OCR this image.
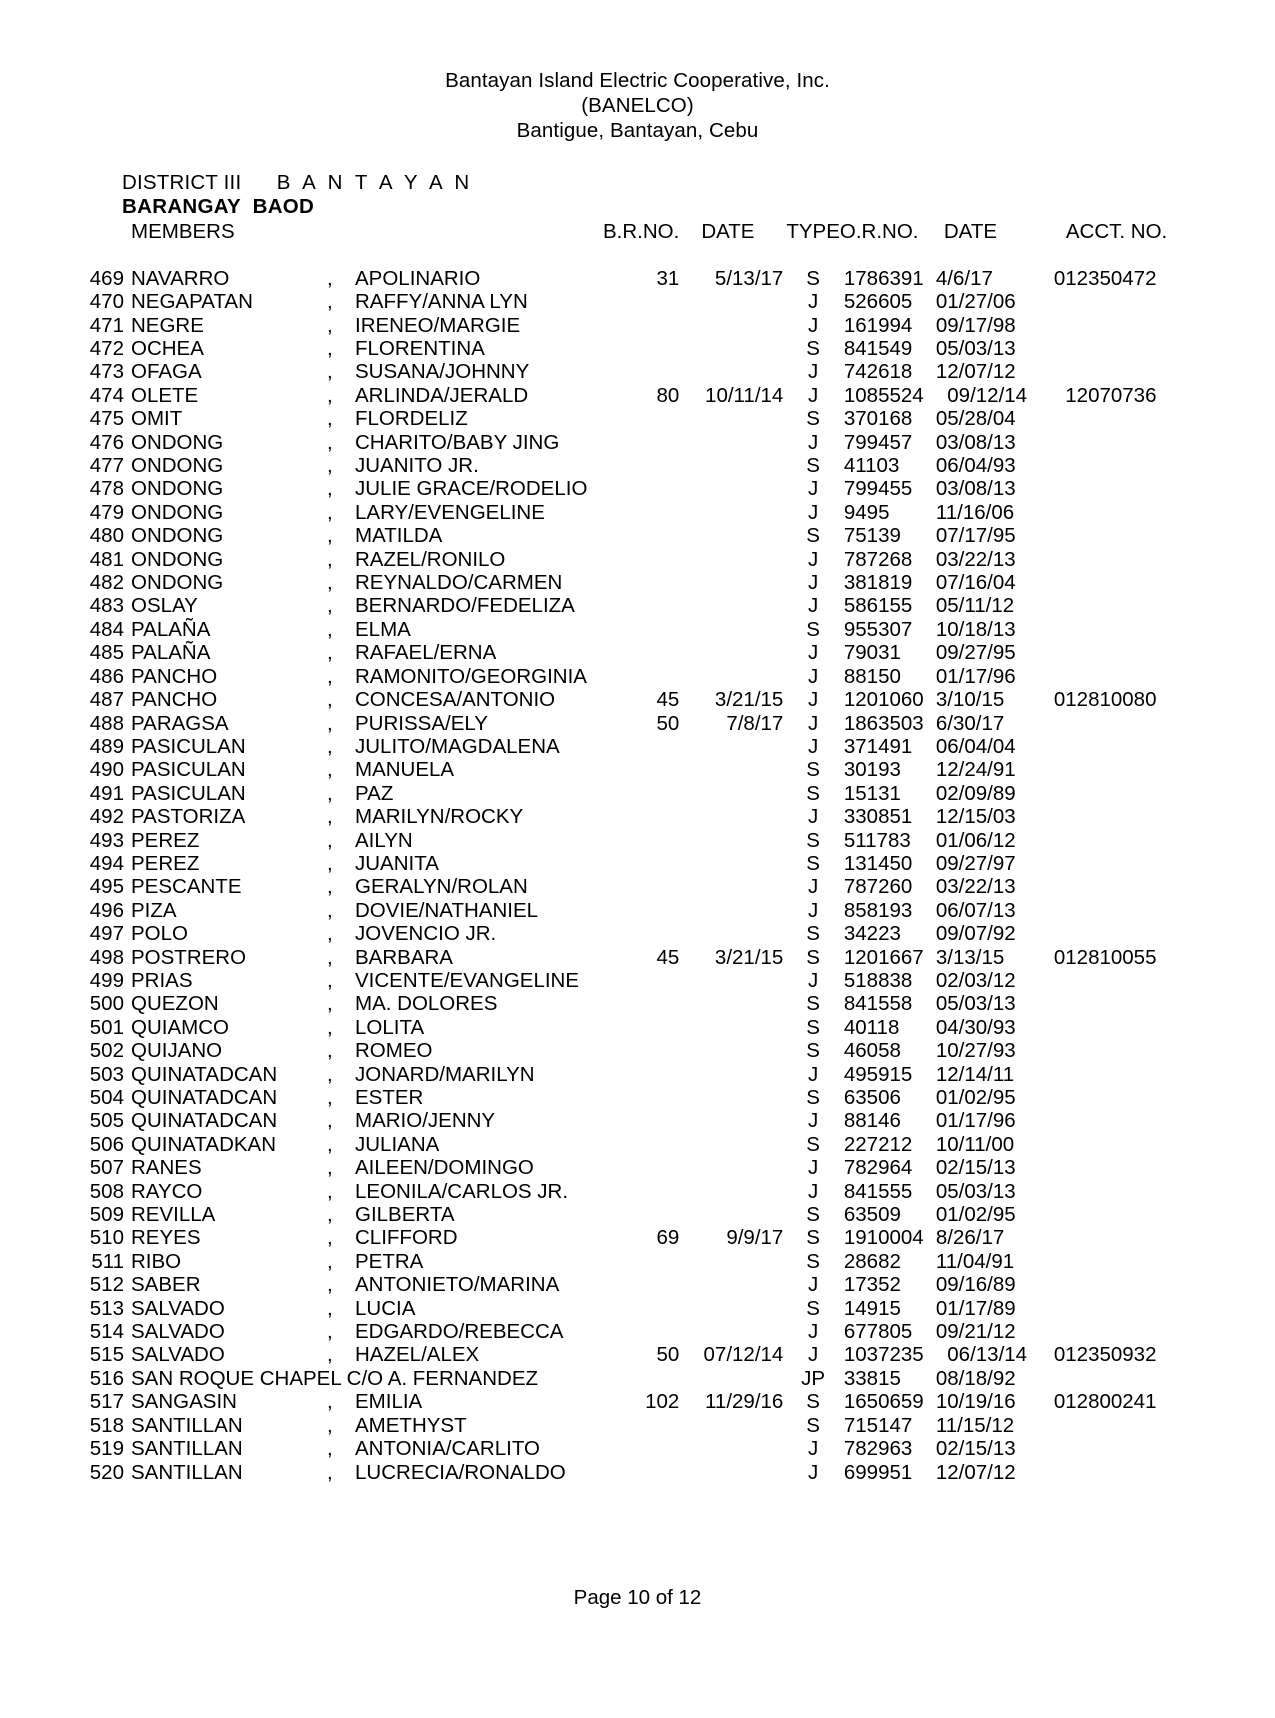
Bantayan Island Electric Cooperative, Inc.
(BANELCO)
Bantigue, Bantayan, Cebu
DISTRICT III B A N T A Y A N
BARANGAY  BAOD
	MEMBERS			B.R.NO.	DATE	TYPE	O.R.NO.	DATE	ACCT. NO.

469	NAVARRO	,	APOLINARIO	31	5/13/17	S	1786391	4/6/17	012350472
470	NEGAPATAN	,	RAFFY/ANNA LYN			J	526605	01/27/06	
471	NEGRE	,	IRENEO/MARGIE			J	161994	09/17/98	
472	OCHEA	,	FLORENTINA			S	841549	05/03/13	
473	OFAGA	,	SUSANA/JOHNNY			J	742618	12/07/12	
474	OLETE	,	ARLINDA/JERALD	80	10/11/14	J	1085524	09/12/14	12070736
475	OMIT	,	FLORDELIZ			S	370168	05/28/04	
476	ONDONG	,	CHARITO/BABY JING			J	799457	03/08/13	
477	ONDONG	,	JUANITO JR.			S	41103	06/04/93	
478	ONDONG	,	JULIE GRACE/RODELIO			J	799455	03/08/13	
479	ONDONG	,	LARY/EVENGELINE			J	9495	11/16/06	
480	ONDONG	,	MATILDA			S	75139	07/17/95	
481	ONDONG	,	RAZEL/RONILO			J	787268	03/22/13	
482	ONDONG	,	REYNALDO/CARMEN			J	381819	07/16/04	
483	OSLAY	,	BERNARDO/FEDELIZA			J	586155	05/11/12	
484	PALAÑA	,	ELMA			S	955307	10/18/13	
485	PALAÑA	,	RAFAEL/ERNA			J	79031	09/27/95	
486	PANCHO	,	RAMONITO/GEORGINIA			J	88150	01/17/96	
487	PANCHO	,	CONCESA/ANTONIO	45	3/21/15	J	1201060	3/10/15	012810080
488	PARAGSA	,	PURISSA/ELY	50	7/8/17	J	1863503	6/30/17	
489	PASICULAN	,	JULITO/MAGDALENA			J	371491	06/04/04	
490	PASICULAN	,	MANUELA			S	30193	12/24/91	
491	PASICULAN	,	PAZ			S	15131	02/09/89	
492	PASTORIZA	,	MARILYN/ROCKY			J	330851	12/15/03	
493	PEREZ	,	AILYN			S	511783	01/06/12	
494	PEREZ	,	JUANITA			S	131450	09/27/97	
495	PESCANTE	,	GERALYN/ROLAN			J	787260	03/22/13	
496	PIZA	,	DOVIE/NATHANIEL			J	858193	06/07/13	
497	POLO	,	JOVENCIO JR.			S	34223	09/07/92	
498	POSTRERO	,	BARBARA	45	3/21/15	S	1201667	3/13/15	012810055
499	PRIAS	,	VICENTE/EVANGELINE			J	518838	02/03/12	
500	QUEZON	,	MA. DOLORES			S	841558	05/03/13	
501	QUIAMCO	,	LOLITA			S	40118	04/30/93	
502	QUIJANO	,	ROMEO			S	46058	10/27/93	
503	QUINATADCAN	,	JONARD/MARILYN			J	495915	12/14/11	
504	QUINATADCAN	,	ESTER			S	63506	01/02/95	
505	QUINATADCAN	,	MARIO/JENNY			J	88146	01/17/96	
506	QUINATADKAN	,	JULIANA			S	227212	10/11/00	
507	RANES	,	AILEEN/DOMINGO			J	782964	02/15/13	
508	RAYCO	,	LEONILA/CARLOS JR.			J	841555	05/03/13	
509	REVILLA	,	GILBERTA			S	63509	01/02/95	
510	REYES	,	CLIFFORD	69	9/9/17	S	1910004	8/26/17	
511	RIBO	,	PETRA			S	28682	11/04/91	
512	SABER	,	ANTONIETO/MARINA			J	17352	09/16/89	
513	SALVADO	,	LUCIA			S	14915	01/17/89	
514	SALVADO	,	EDGARDO/REBECCA			J	677805	09/21/12	
515	SALVADO	,	HAZEL/ALEX	50	07/12/14	J	1037235	06/13/14	012350932
516	SAN ROQUE CHAPEL C/O A. FERNANDEZ					JP	33815	08/18/92	
517	SANGASIN	,	EMILIA	102	11/29/16	S	1650659	10/19/16	012800241
518	SANTILLAN	,	AMETHYST			S	715147	11/15/12	
519	SANTILLAN	,	ANTONIA/CARLITO			J	782963	02/15/13	
520	SANTILLAN	,	LUCRECIA/RONALDO			J	699951	12/07/12	
Page 10 of 12
